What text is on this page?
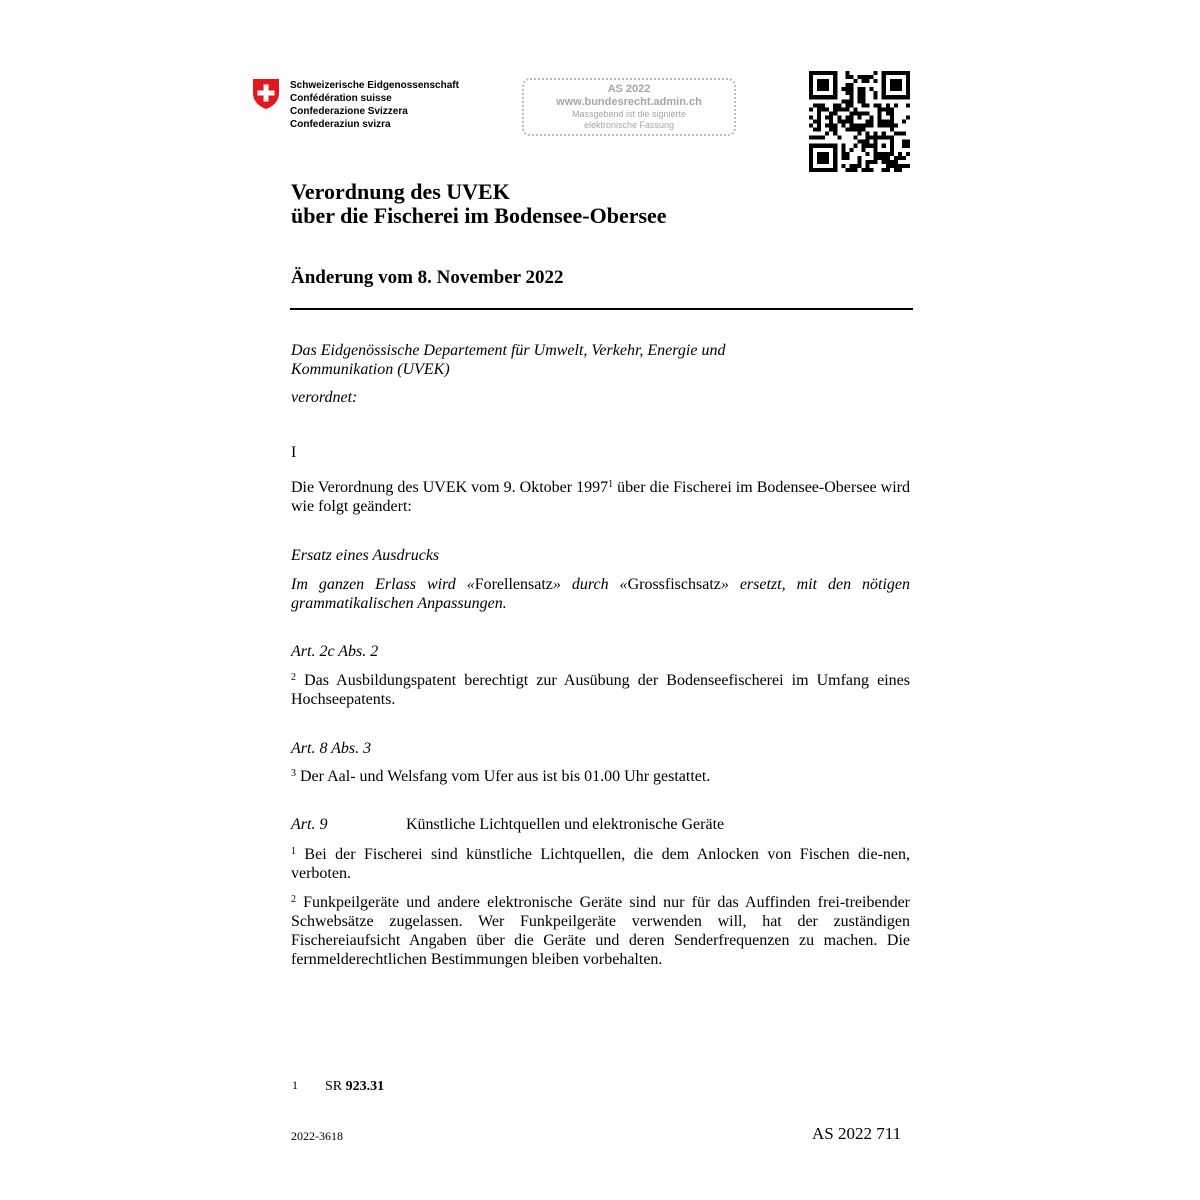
Schweizerische Eidgenossenschaft
Confédération suisse
Confederazione Svizzera
Confederaziun svizra
AS 2022
www.bundesrecht.admin.ch
Massgebend ist die signierte
elektronische Fassung
Verordnung des UVEK
über die Fischerei im Bodensee-Obersee
Änderung vom 8. November 2022
Das Eidgenössische Departement für Umwelt, Verkehr, Energie und
Kommunikation (UVEK)
verordnet:
I
Die Verordnung des UVEK vom 9. Oktober 1997$^1$ über die Fischerei im Bodensee-Obersee wird wie folgt geändert:
Ersatz eines Ausdrucks
Im ganzen Erlass wird «Forellensatz» durch «Grossfischsatz» ersetzt, mit den nötigen grammatikalischen Anpassungen.
Art. 2c Abs. 2
$^2$ Das Ausbildungspatent berechtigt zur Ausübung der Bodenseefischerei im Umfang eines Hochseepatents.
Art. 8 Abs. 3
$^3$ Der Aal- und Welsfang vom Ufer aus ist bis 01.00 Uhr gestattet.
Art. 9	Künstliche Lichtquellen und elektronische Geräte
$^1$ Bei der Fischerei sind künstliche Lichtquellen, die dem Anlocken von Fischen die-nen, verboten.
$^2$ Funkpeilgeräte und andere elektronische Geräte sind nur für das Auffinden frei-treibender Schwebsätze zugelassen. Wer Funkpeilgeräte verwenden will, hat der zuständigen Fischereiaufsicht Angaben über die Geräte und deren Senderfrequenzen zu machen. Die fernmelderechtlichen Bestimmungen bleiben vorbehalten.
1 SR 923.31
2022-3618	AS 2022 711
